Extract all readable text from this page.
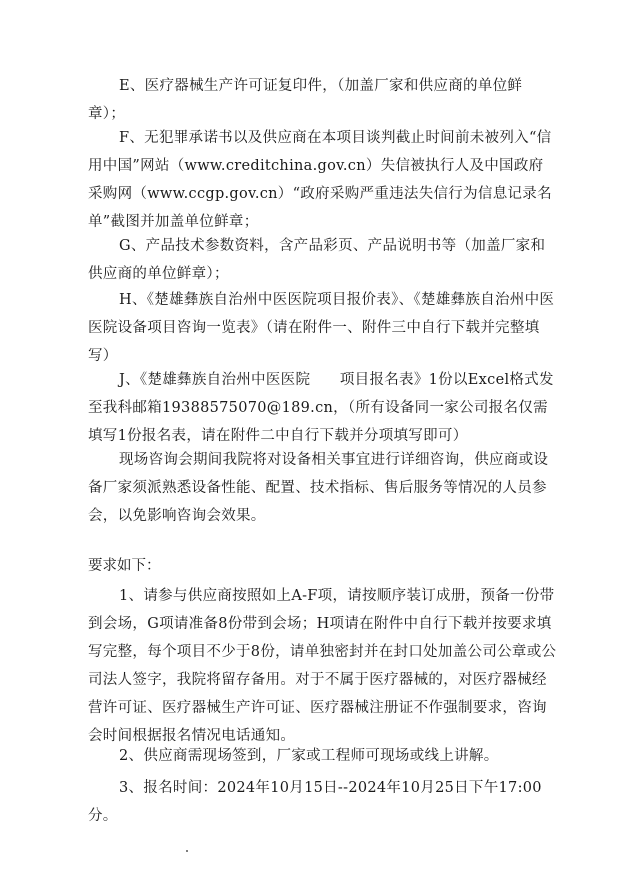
E、医疗器械生产许可证复印件，（加盖厂家和供应商的单位鲜章）；

F、无犯罪承诺书以及供应商在本项目谈判截止时间前未被列入“信用中国”网站（www.creditchina.gov.cn）失信被执行人及中国政府采购网（www.ccgp.gov.cn）“政府采购严重违法失信行为信息记录名单”截图并加盖单位鲜章；

G、产品技术参数资料，含产品彩页、产品说明书等（加盖厂家和供应商的单位鲜章）；

H、《楚雄彝族自治州中医医院项目报价表》、《楚雄彝族自治州中医医院设备项目咨询一览表》（请在附件一、附件三中自行下载并完整填写）

J、《楚雄彝族自治州中医医院　　项目报名表》1份以Excel格式发至我科邮箱19388575070@189.cn，（所有设备同一家公司报名仅需填写1份报名表，请在附件二中自行下载并分项填写即可）

现场咨询会期间我院将对设备相关事宜进行详细咨询，供应商或设备厂家须派熟悉设备性能、配置、技术指标、售后服务等情况的人员参会，以免影响咨询会效果。

要求如下：

1、请参与供应商按照如上A-F项，请按顺序装订成册，预备一份带到会场，G项请准备8份带到会场；H项请在附件中自行下载并按要求填写完整，每个项目不少于8份，请单独密封并在封口处加盖公司公章或公司法人签字，我院将留存备用。对于不属于医疗器械的，对医疗器械经营许可证、医疗器械生产许可证、医疗器械注册证不作强制要求，咨询会时间根据报名情况电话通知。

2、供应商需现场签到，厂家或工程师可现场或线上讲解。

3、报名时间：2024年10月15日--2024年10月25日下午17:00分。
